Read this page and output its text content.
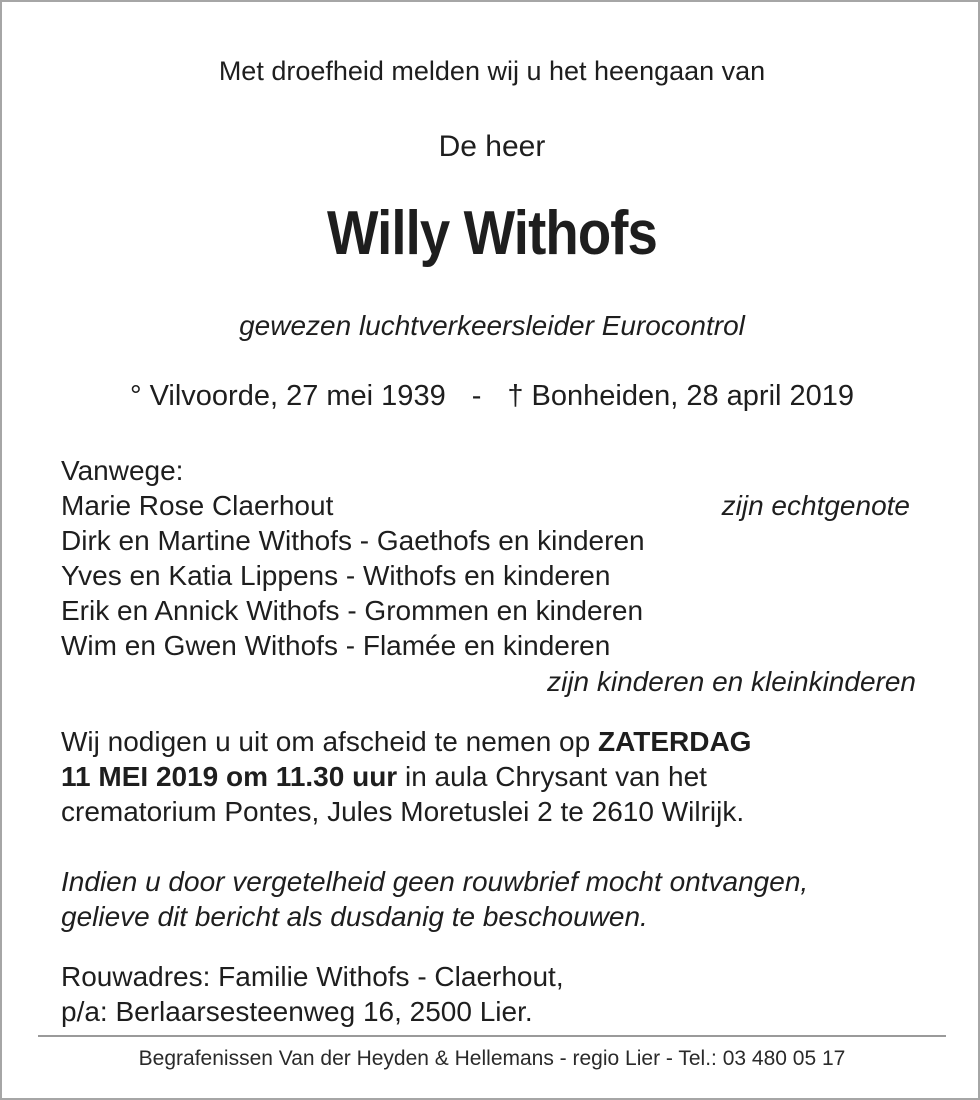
Met droefheid melden wij u het heengaan van
De heer
Willy Withofs
gewezen luchtverkeersleider Eurocontrol
° Vilvoorde, 27 mei 1939 - † Bonheiden, 28 april 2019
Vanwege:
Marie Rose Claerhout	zijn echtgenote
Dirk en Martine Withofs - Gaethofs en kinderen
Yves en Katia Lippens - Withofs en kinderen
Erik en Annick Withofs - Grommen en kinderen
Wim en Gwen Withofs - Flamée en kinderen
zijn kinderen en kleinkinderen
Wij nodigen u uit om afscheid te nemen op ZATERDAG
11 MEI 2019 om 11.30 uur in aula Chrysant van het
crematorium Pontes, Jules Moretuslei 2 te 2610 Wilrijk.
Indien u door vergetelheid geen rouwbrief mocht ontvangen,
gelieve dit bericht als dusdanig te beschouwen.
Rouwadres: Familie Withofs - Claerhout,
p/a: Berlaarsesteenweg 16, 2500 Lier.
Begrafenissen Van der Heyden & Hellemans - regio Lier - Tel.: 03 480 05 17
